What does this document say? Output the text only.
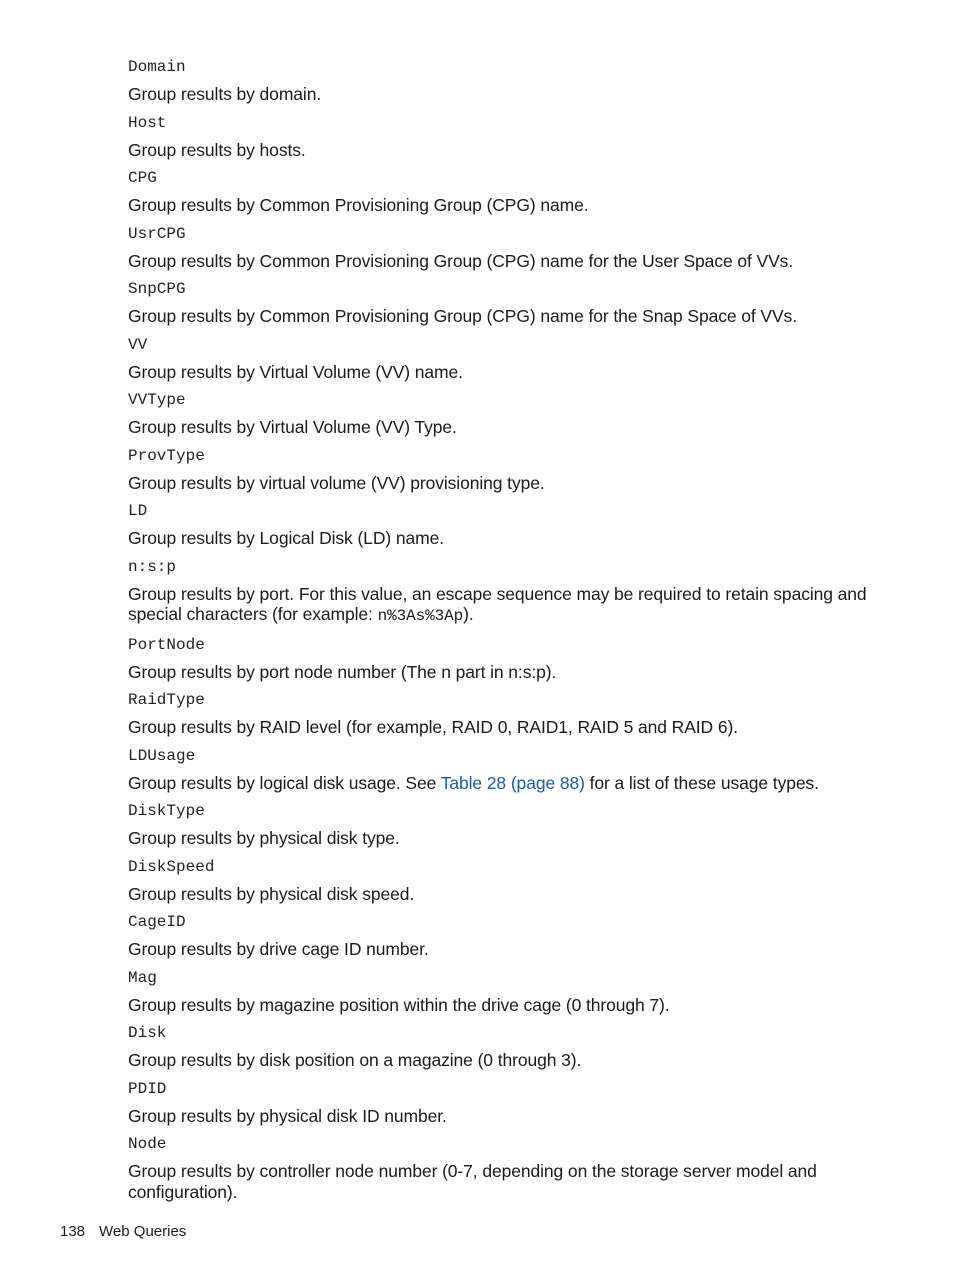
Domain
Group results by domain.
Host
Group results by hosts.
CPG
Group results by Common Provisioning Group (CPG) name.
UsrCPG
Group results by Common Provisioning Group (CPG) name for the User Space of VVs.
SnpCPG
Group results by Common Provisioning Group (CPG) name for the Snap Space of VVs.
VV
Group results by Virtual Volume (VV) name.
VVType
Group results by Virtual Volume (VV) Type.
ProvType
Group results by virtual volume (VV) provisioning type.
LD
Group results by Logical Disk (LD) name.
n:s:p
Group results by port. For this value, an escape sequence may be required to retain spacing and special characters (for example: n%3As%3Ap).
PortNode
Group results by port node number (The n part in n:s:p).
RaidType
Group results by RAID level (for example, RAID 0, RAID1, RAID 5 and RAID 6).
LDUsage
Group results by logical disk usage. See Table 28 (page 88) for a list of these usage types.
DiskType
Group results by physical disk type.
DiskSpeed
Group results by physical disk speed.
CageID
Group results by drive cage ID number.
Mag
Group results by magazine position within the drive cage (0 through 7).
Disk
Group results by disk position on a magazine (0 through 3).
PDID
Group results by physical disk ID number.
Node
Group results by controller node number (0-7, depending on the storage server model and configuration).
138 Web Queries
